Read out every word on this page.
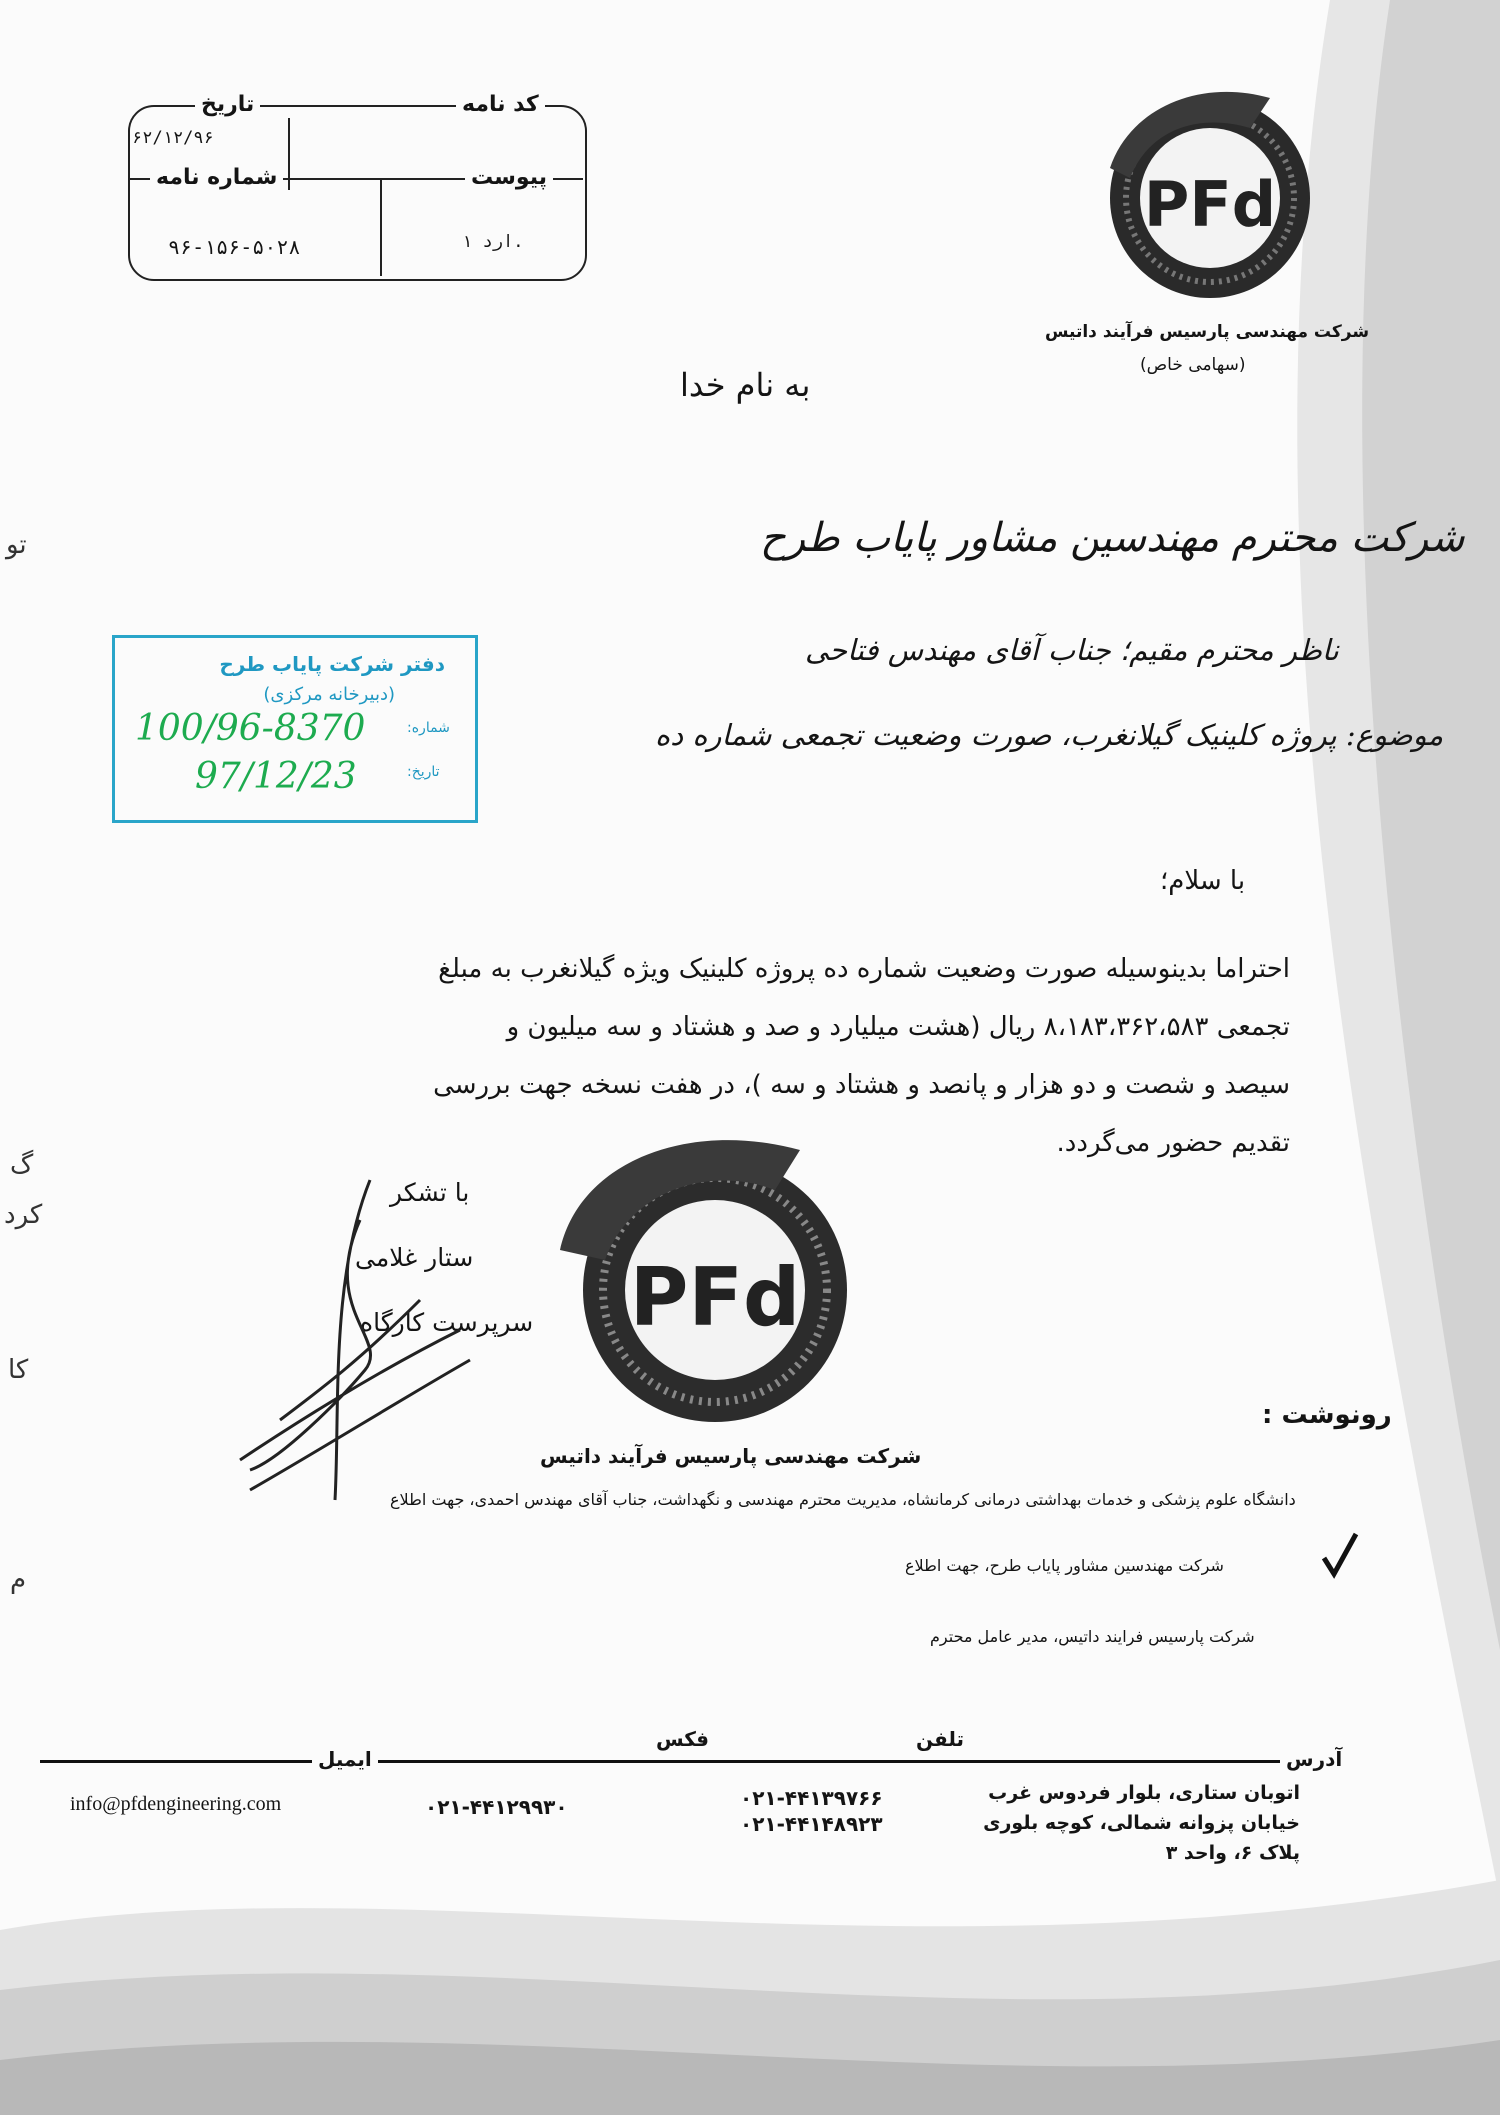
کد نامه
تاریخ
۶۲/۱۲/۹۶
پیوست
شماره نامه
۹۶-۱۵۶-۵۰۲۸	۱ ارد.
PFd
شرکت مهندسی پارسیس فرآیند داتیس
(سهامی خاص)
به نام خدا
شرکت محترم مهندسین مشاور پایاب طرح
ناظر محترم مقیم؛ جناب آقای مهندس فتاحی
موضوع: پروژه کلینیک گیلانغرب، صورت وضعیت تجمعی شماره ده
دفتر شرکت پایاب طرح
(دبیرخانه مرکزی)
شماره:
تاریخ:
100/96-8370
97/12/23
با سلام؛
احتراما بدینوسیله صورت وضعیت شماره ده پروژه کلینیک ویژه گیلانغرب به مبلغ
تجمعی ۸،۱۸۳،۳۶۲،۵۸۳ ریال (هشت میلیارد و صد و هشتاد و سه میلیون و
سیصد و شصت و دو هزار و پانصد و هشتاد و سه )، در هفت نسخه جهت بررسی
تقدیم حضور می‌گردد.
با تشکر
ستار غلامی
سرپرست کارگاه PFd
شرکت مهندسی پارسیس فرآیند داتیس
رونوشت :
دانشگاه علوم پزشکی و خدمات بهداشتی درمانی کرمانشاه، مدیریت محترم مهندسی و نگهداشت، جناب آقای مهندس احمدی، جهت اطلاع
شرکت مهندسین مشاور پایاب طرح، جهت اطلاع
شرکت پارسیس فرایند داتیس، مدیر عامل محترم
آدرس
تلفن
فکس
ایمیل
اتوبان ستاری، بلوار فردوس غرب
خیابان پزوانه شمالی، کوچه بلوری
پلاک ۶، واحد ۳
۰۲۱-۴۴۱۳۹۷۶۶
۰۲۱-۴۴۱۴۸۹۲۳
۰۲۱-۴۴۱۲۹۹۳۰
info@pfdengineering.com
تو
گ
کرد
کا
م
